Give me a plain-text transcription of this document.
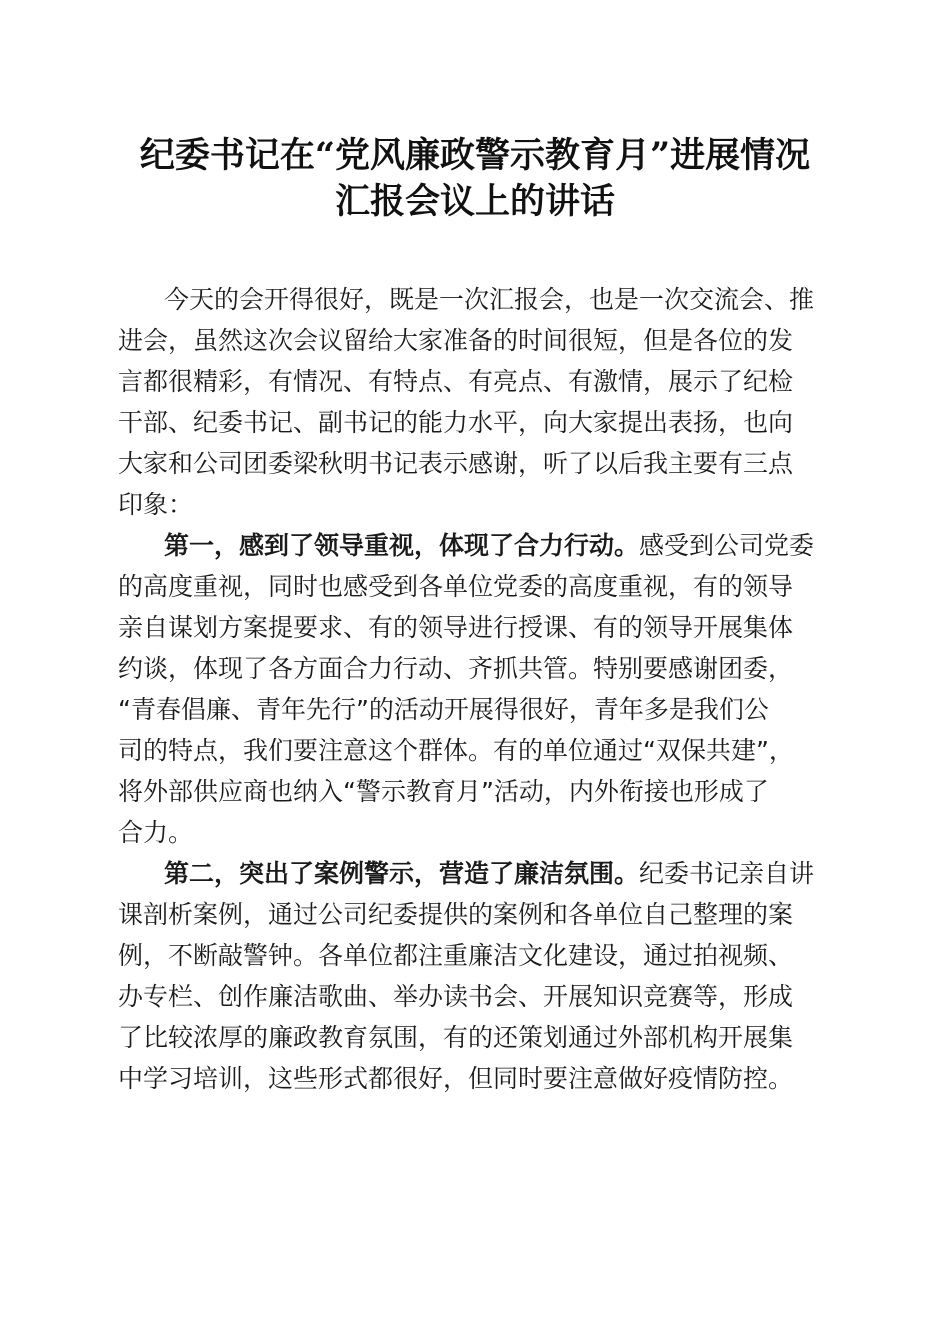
纪委书记在“党风廉政警示教育月”进展情况
汇报会议上的讲话
今天的会开得很好，既是一次汇报会，也是一次交流会、推
进会，虽然这次会议留给大家准备的时间很短，但是各位的发
言都很精彩，有情况、有特点、有亮点、有激情，展示了纪检
干部、纪委书记、副书记的能力水平，向大家提出表扬，也向
大家和公司团委梁秋明书记表示感谢，听了以后我主要有三点
印象：
第一，感到了领导重视，体现了合力行动。感受到公司党委
的高度重视，同时也感受到各单位党委的高度重视，有的领导
亲自谋划方案提要求、有的领导进行授课、有的领导开展集体
约谈，体现了各方面合力行动、齐抓共管。特别要感谢团委，
“青春倡廉、青年先行”的活动开展得很好，青年多是我们公
司的特点，我们要注意这个群体。有的单位通过“双保共建”，
将外部供应商也纳入“警示教育月”活动，内外衔接也形成了
合力。
第二，突出了案例警示，营造了廉洁氛围。纪委书记亲自讲
课剖析案例，通过公司纪委提供的案例和各单位自己整理的案
例，不断敲警钟。各单位都注重廉洁文化建设，通过拍视频、
办专栏、创作廉洁歌曲、举办读书会、开展知识竞赛等，形成
了比较浓厚的廉政教育氛围，有的还策划通过外部机构开展集
中学习培训，这些形式都很好，但同时要注意做好疫情防控。
